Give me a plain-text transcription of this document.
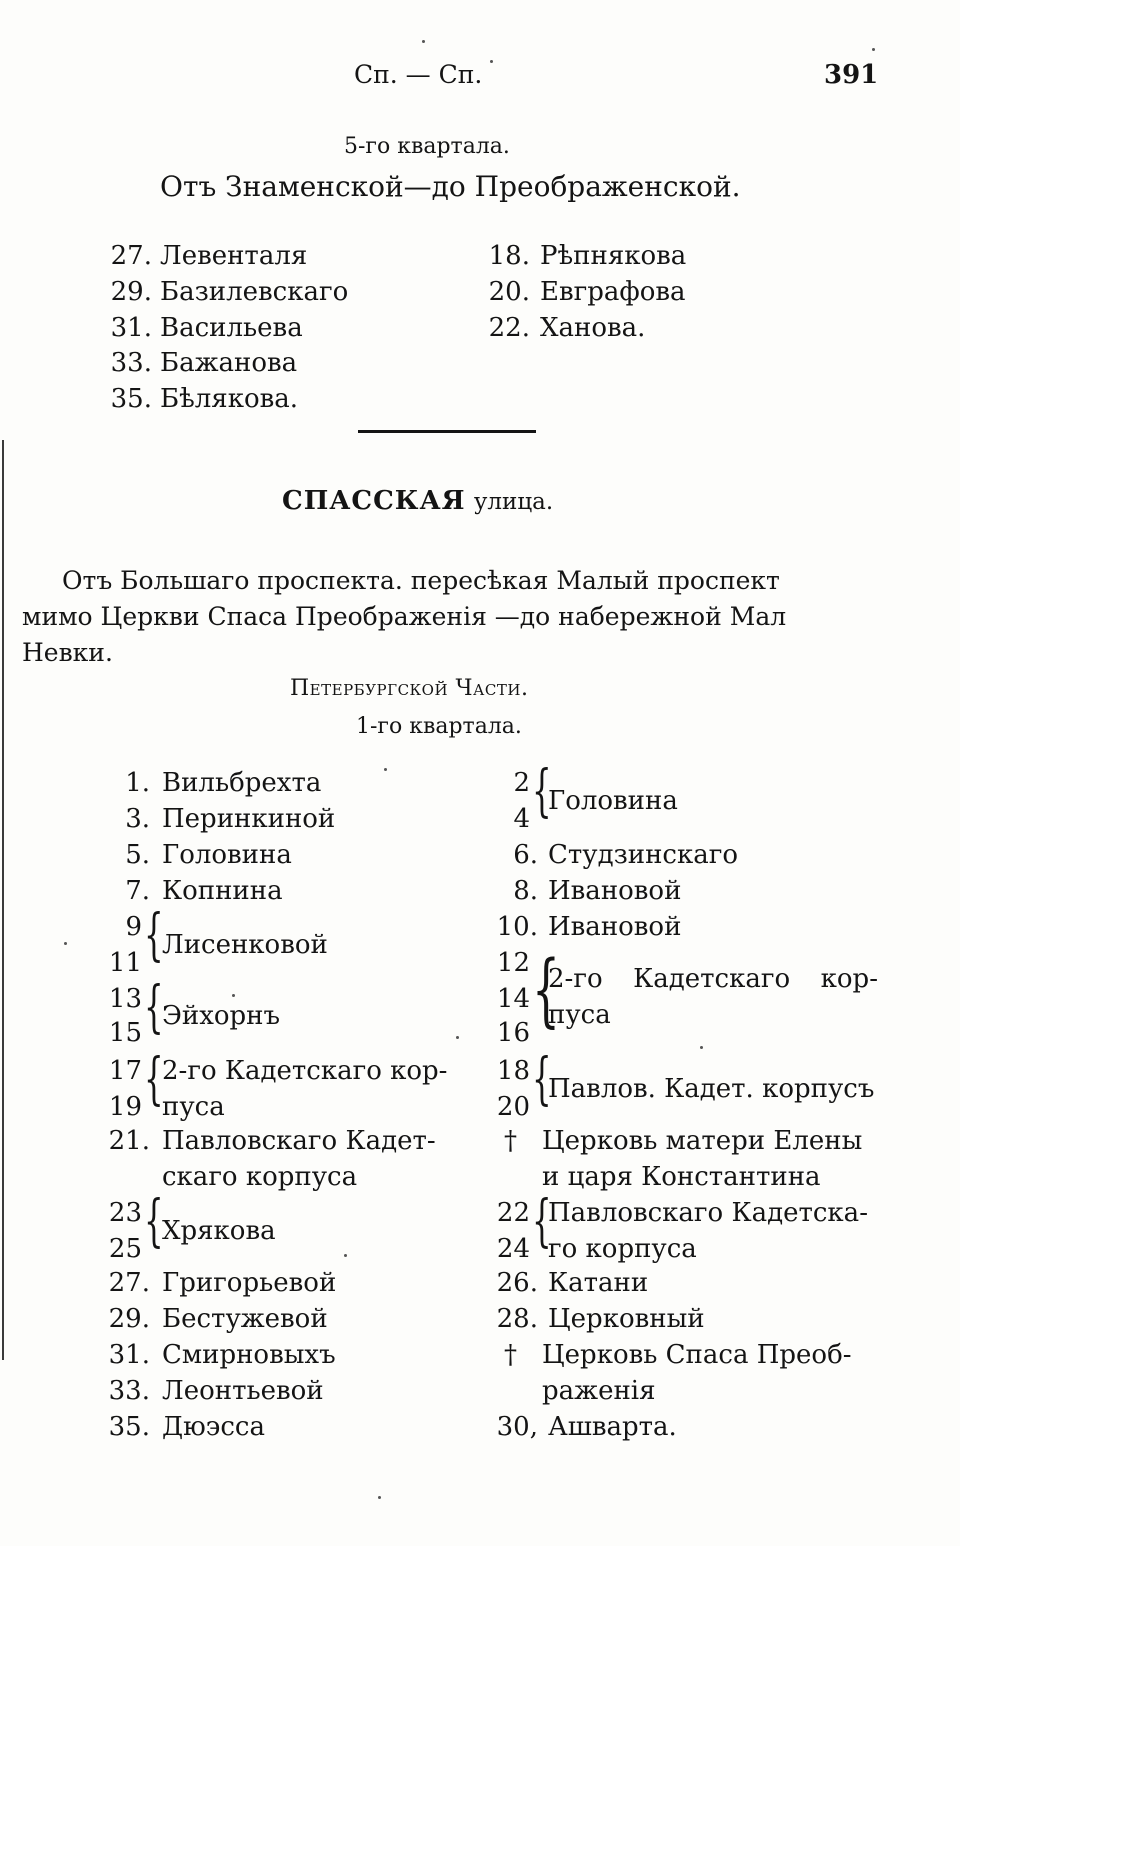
Сп. — Сп.	391

5-го квартала.

Отъ Знаменской—до Преображенской.

СПАССКАЯ улица.

Отъ Большаго проспекта. пересѣкая Малый проспект

мимо Церкви Спаса Преображенія —до набережной Мал

Невки.

Петербургской Части.

1-го квартала.

27. Левенталя
29. Базилевскаго
31. Васильева
33. Бажанова
35. Бѣлякова.
18. Рѣпнякова
20. Евграфова
22. Ханова.
1. Вильбрехта
3. Перинкиной
5. Головина
7. Копнина
9
11 {
Лисенковой
13
15 {
Эйхорнъ
17
19 {
2-го Кадетскаго кор-
пуса
21. Павловскаго Кадет-
скаго корпуса
23
25 {
Хрякова
27. Григорьевой
29. Бестужевой
31. Смирновыхъ
33. Леонтьевой
35. Дюэсса
2
4 {
Головина
6. Студзинскаго
8. Ивановой
10. Ивановой
12
14
16 {
2-го Кадетскаго кор-
пуса
18
20 {
Павлов. Кадет. корпусъ
† Церковь матери Елены
и царя Константина
22
24 {
Павловскаго Кадетска-
го корпуса
26. Катани
28. Церковный
† Церковь Спаса Преоб-
раженія
30, Ашварта.
